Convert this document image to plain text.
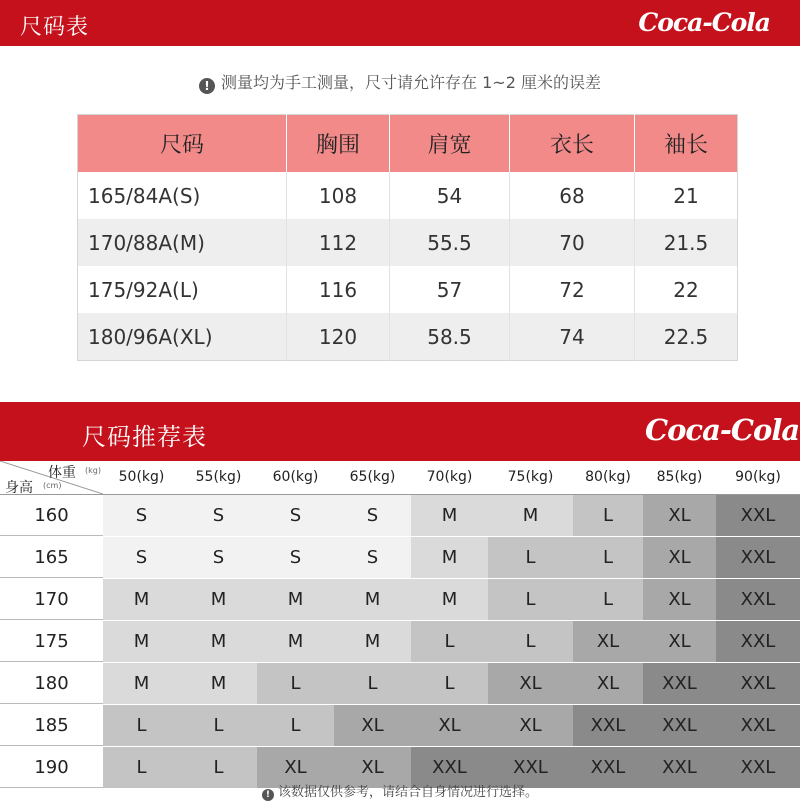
尺码表	Coca-Cola
! 测量均为手工测量，尺寸请允许存在 1~2 厘米的误差
尺码	胸围	肩宽	衣长	袖长
165/84A(S)	108	54	68	21
170/88A(M)	112	55.5	70	21.5
175/92A(L)	116	57	72	22
180/96A(XL)	120	58.5	74	22.5
尺码推荐表	Coca-Cola
体重 (kg)
身高 (cm)
50(kg)	55(kg)	60(kg)	65(kg)	70(kg)	75(kg)	80(kg)	85(kg)	90(kg)
160	S	S	S	S	M	M	L	XL	XXL
165	S	S	S	S	M	L	L	XL	XXL
170	M	M	M	M	M	L	L	XL	XXL
175	M	M	M	M	L	L	XL	XL	XXL
180	M	M	L	L	L	XL	XL	XXL	XXL
185	L	L	L	XL	XL	XL	XXL	XXL	XXL
190	L	L	XL	XL	XXL	XXL	XXL	XXL	XXL
! 该数据仅供参考，请结合自身情况进行选择。
